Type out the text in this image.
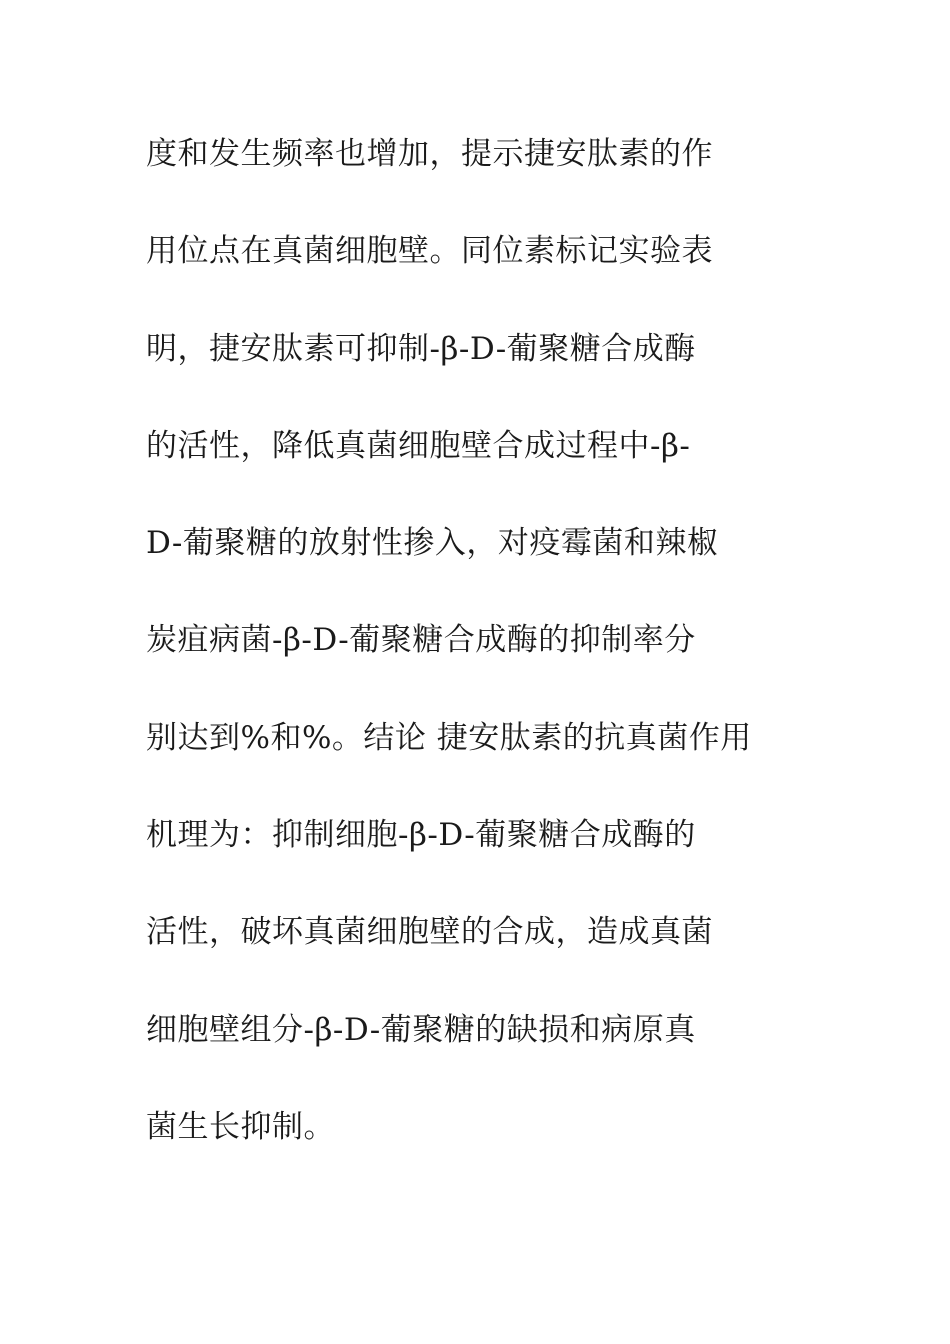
度和发生频率也增加，提示捷安肽素的作
用位点在真菌细胞壁。同位素标记实验表
明，捷安肽素可抑制-β-D-葡聚糖合成酶
的活性，降低真菌细胞壁合成过程中-β-
D-葡聚糖的放射性掺入，对疫霉菌和辣椒
炭疽病菌-β-D-葡聚糖合成酶的抑制率分
别达到%和%。结论 捷安肽素的抗真菌作用
机理为：抑制细胞-β-D-葡聚糖合成酶的
活性，破坏真菌细胞壁的合成，造成真菌
细胞壁组分-β-D-葡聚糖的缺损和病原真
菌生长抑制。
